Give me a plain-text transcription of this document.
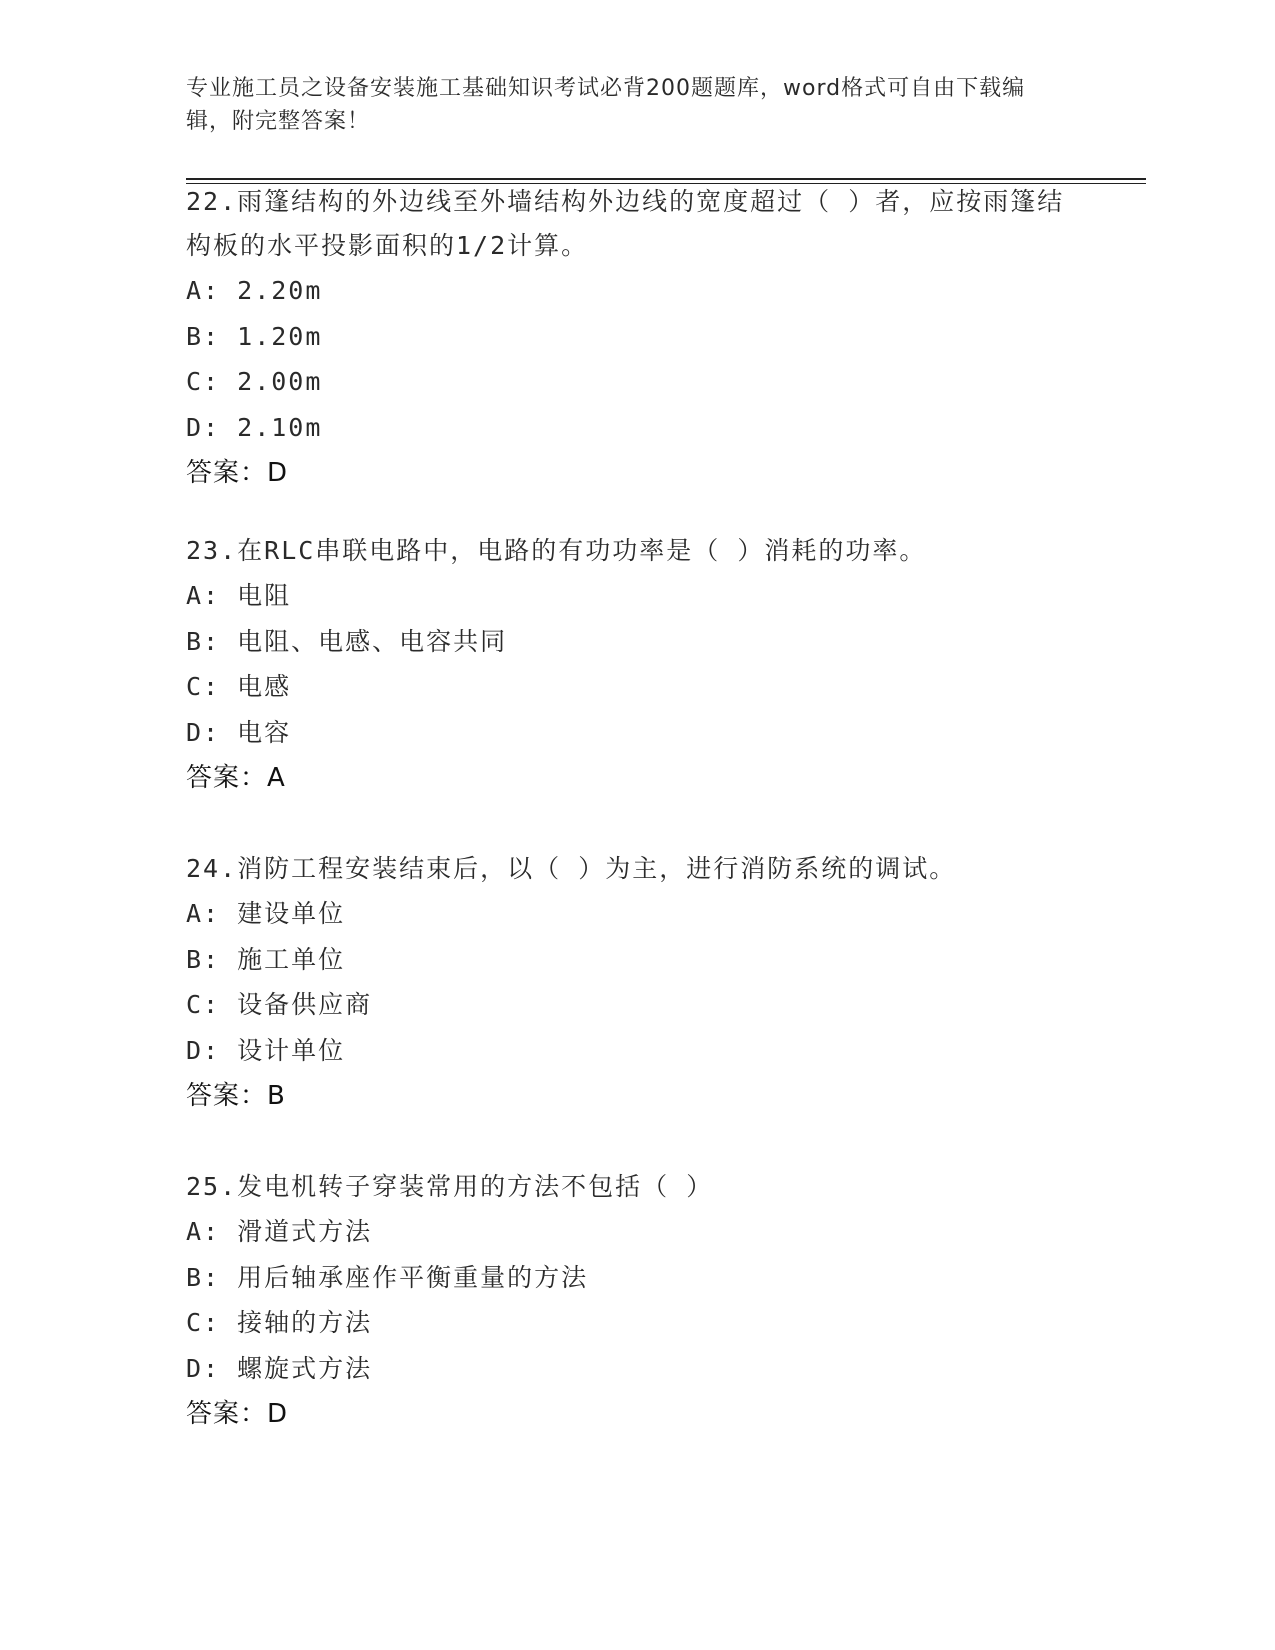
专业施工员之设备安装施工基础知识考试必背200题题库，word格式可自由下载编辑，附完整答案！
22.雨篷结构的外边线至外墙结构外边线的宽度超过（ ）者，应按雨篷结构板的水平投影面积的1/2计算。
A: 2.20m
B: 1.20m
C: 2.00m
D: 2.10m
答案：D
23.在RLC串联电路中，电路的有功功率是（ ）消耗的功率。
A: 电阻
B: 电阻、电感、电容共同
C: 电感
D: 电容
答案：A
24.消防工程安装结束后，以（ ）为主，进行消防系统的调试。
A: 建设单位
B: 施工单位
C: 设备供应商
D: 设计单位
答案：B
25.发电机转子穿装常用的方法不包括（ ）
A: 滑道式方法
B: 用后轴承座作平衡重量的方法
C: 接轴的方法
D: 螺旋式方法
答案：D
